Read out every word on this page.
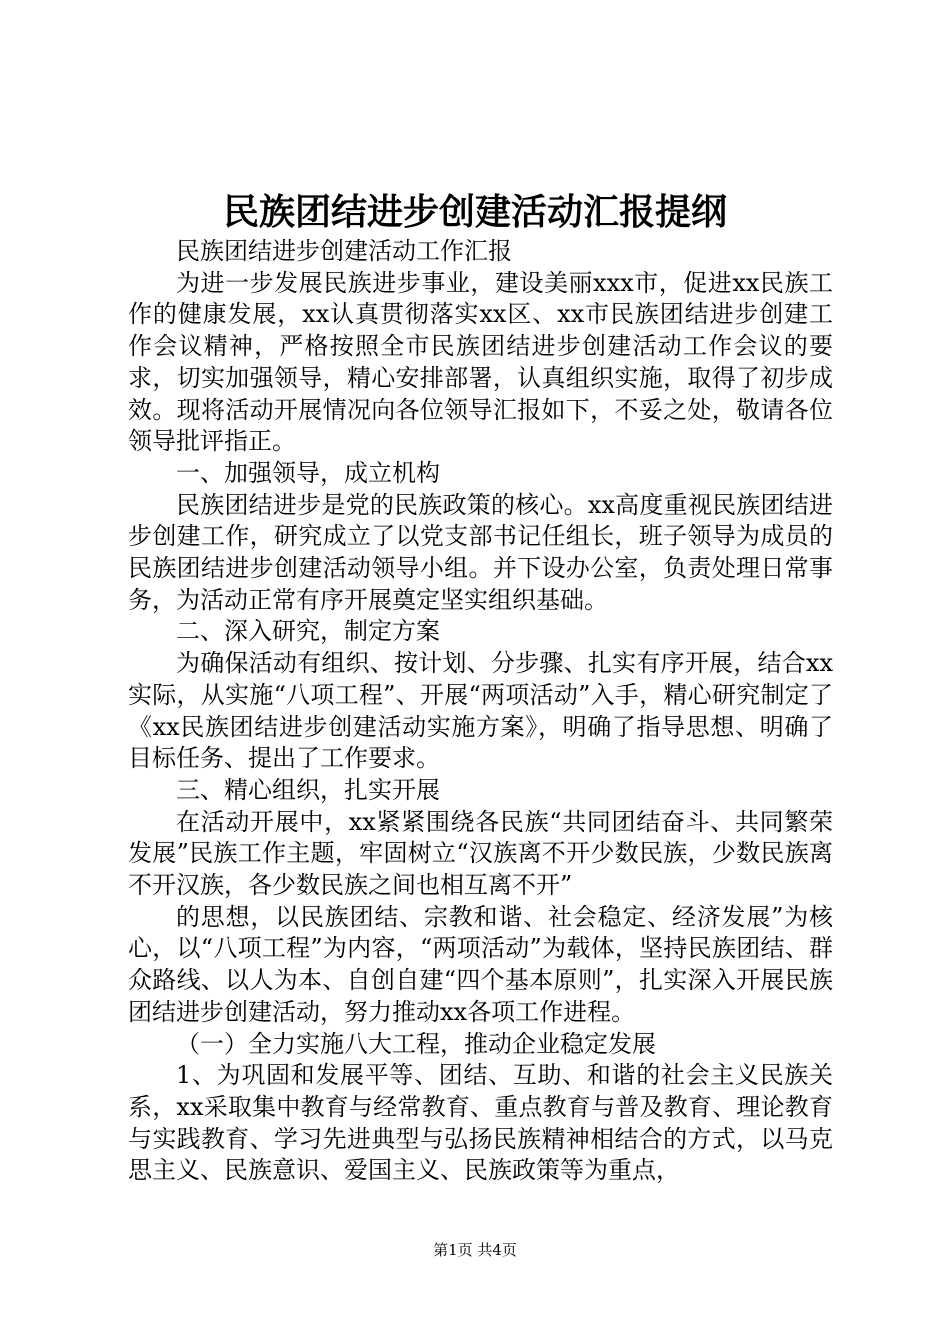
民族团结进步创建活动汇报提纲

民族团结进步创建活动工作汇报

为进一步发展民族进步事业，建设美丽xxx市，促进xx民族工作的健康发展，xx认真贯彻落实xx区、xx市民族团结进步创建工作会议精神，严格按照全市民族团结进步创建活动工作会议的要求，切实加强领导，精心安排部署，认真组织实施，取得了初步成效。现将活动开展情况向各位领导汇报如下，不妥之处，敬请各位领导批评指正。

一、加强领导，成立机构

民族团结进步是党的民族政策的核心。xx高度重视民族团结进步创建工作，研究成立了以党支部书记任组长，班子领导为成员的民族团结进步创建活动领导小组。并下设办公室，负责处理日常事务，为活动正常有序开展奠定坚实组织基础。

二、深入研究，制定方案

为确保活动有组织、按计划、分步骤、扎实有序开展，结合xx实际，从实施“八项工程”、开展“两项活动”入手，精心研究制定了《xx民族团结进步创建活动实施方案》，明确了指导思想、明确了目标任务、提出了工作要求。

三、精心组织，扎实开展

在活动开展中，xx紧紧围绕各民族“共同团结奋斗、共同繁荣发展”民族工作主题，牢固树立“汉族离不开少数民族，少数民族离不开汉族，各少数民族之间也相互离不开”

的思想，以民族团结、宗教和谐、社会稳定、经济发展”为核心，以“八项工程”为内容，“两项活动”为载体，坚持民族团结、群众路线、以人为本、自创自建“四个基本原则”，扎实深入开展民族团结进步创建活动，努力推动xx各项工作进程。

（一）全力实施八大工程，推动企业稳定发展

1、为巩固和发展平等、团结、互助、和谐的社会主义民族关系，xx采取集中教育与经常教育、重点教育与普及教育、理论教育与实践教育、学习先进典型与弘扬民族精神相结合的方式，以马克思主义、民族意识、爱国主义、民族政策等为重点，

第1页 共4页
